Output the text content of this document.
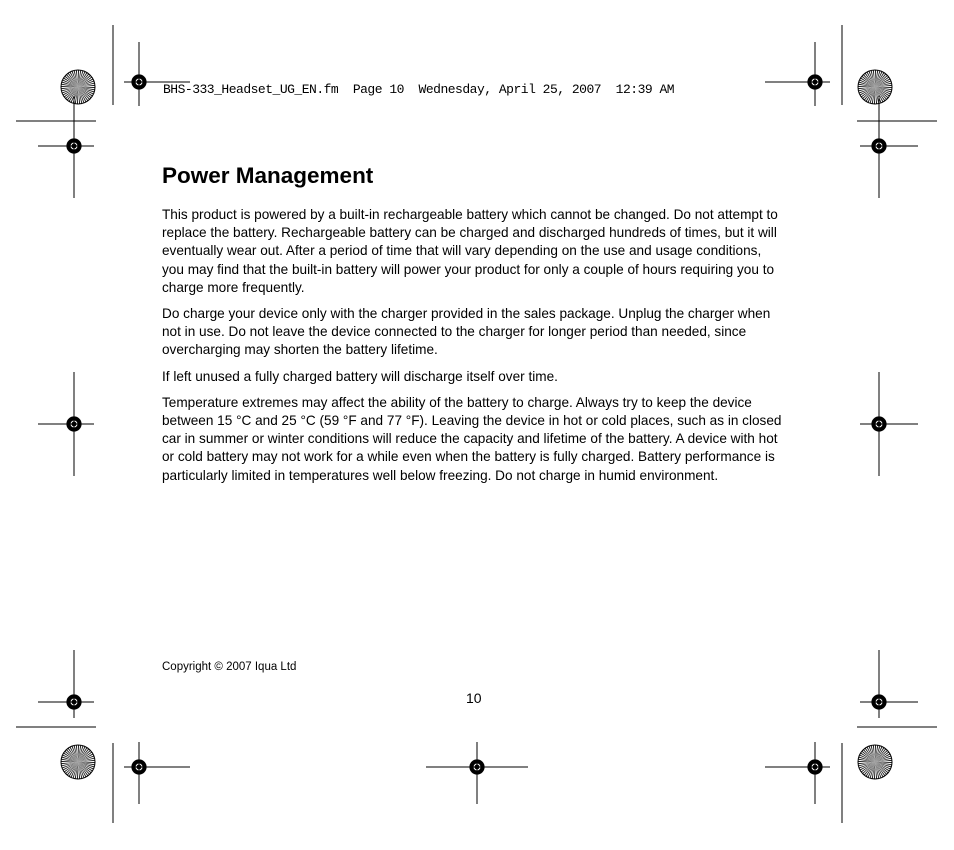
BHS-333_Headset_UG_EN.fm  Page 10  Wednesday, April 25, 2007  12:39 AM
Power Management

This product is powered by a built-in rechargeable battery which cannot be changed. Do not attempt to replace the battery. Rechargeable battery can be charged and discharged hundreds of times, but it will eventually wear out. After a period of time that will vary depending on the use and usage conditions, you may find that the built-in battery will power your product for only a couple of hours requiring you to charge more frequently.

Do charge your device only with the charger provided in the sales package. Unplug the charger when not in use. Do not leave the device connected to the charger for longer period than needed, since overcharging may shorten the battery lifetime.

If left unused a fully charged battery will discharge itself over time.

Temperature extremes may affect the ability of the battery to charge. Always try to keep the device between 15 °C and 25 °C (59 °F and 77 °F). Leaving the device in hot or cold places, such as in closed car in summer or winter conditions will reduce the capacity and lifetime of the battery. A device with hot or cold battery may not work for a while even when the battery is fully charged. Battery performance is particularly limited in temperatures well below freezing. Do not charge in humid environment.

Copyright © 2007 Iqua Ltd
10
